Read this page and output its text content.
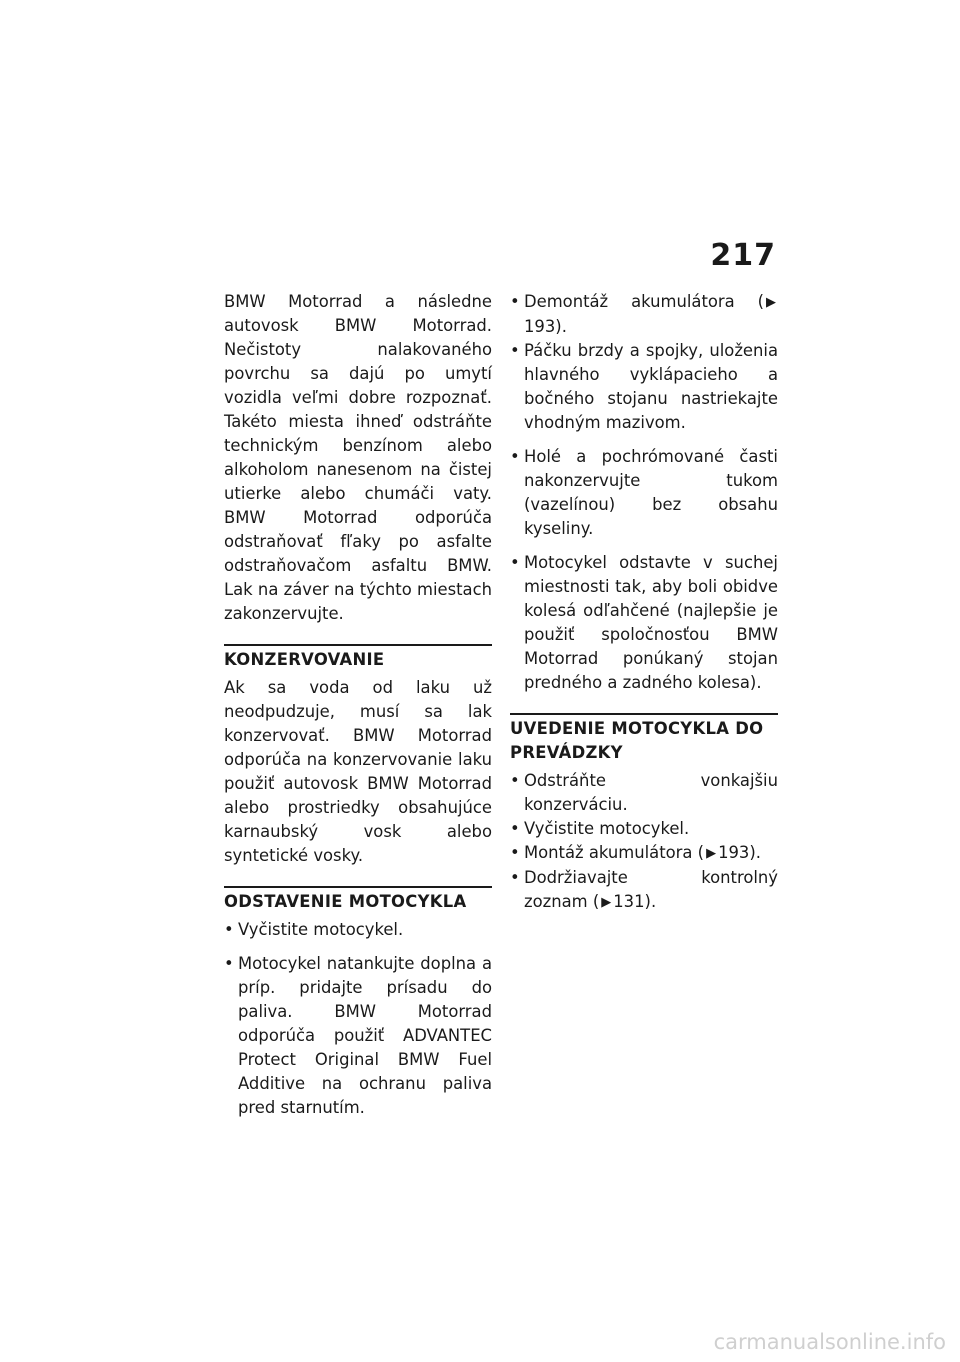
217

BMW Motorrad a následne autovosk BMW Motorrad. Nečistoty nalakovaného povrchu sa dajú po umytí vozidla veľmi dobre rozpoznať. Takéto miesta ihneď odstráňte technickým benzínom alebo alkoholom nanesenom na čistej utierke alebo chumáči vaty. BMW Motorrad odporúča odstraňovať fľaky po asfalte odstraňovačom asfaltu BMW. Lak na záver na týchto miestach zakonzervujte.

KONZERVOVANIE

Ak sa voda od laku už neodpudzuje, musí sa lak konzervovať. BMW Motorrad odporúča na konzervovanie laku použiť autovosk BMW Motorrad alebo prostriedky obsahujúce karnaubský vosk alebo syntetické vosky.

ODSTAVENIE MOTOCYKLA
• Vyčistite motocykel.
• Motocykel natankujte doplna a príp. pridajte prísadu do paliva. BMW Motorrad odporúča použiť ADVANTEC Protect Original BMW Fuel Additive na ochranu paliva pred starnutím.
• Demontáž akumulátora ( ▶193).
• Páčku brzdy a spojky, uloženia hlavného vyklápacieho a bočného stojanu nastriekajte vhodným mazivom.
• Holé a pochrómované časti nakonzervujte tukom (vazelínou) bez obsahu kyseliny.
• Motocykel odstavte v suchej miestnosti tak, aby boli obidve kolesá odľahčené (najlepšie je použiť spoločnosťou BMW Motorrad ponúkaný stojan predného a zadného kolesa).
UVEDENIE MOTOCYKLA DO PREVÁDZKY
• Odstráňte vonkajšiu konzerváciu.
• Vyčistite motocykel.
• Montáž akumulátora ( ▶ 193).
• Dodržiavajte kontrolný zoznam ( ▶ 131).
carmanualsonline.info
